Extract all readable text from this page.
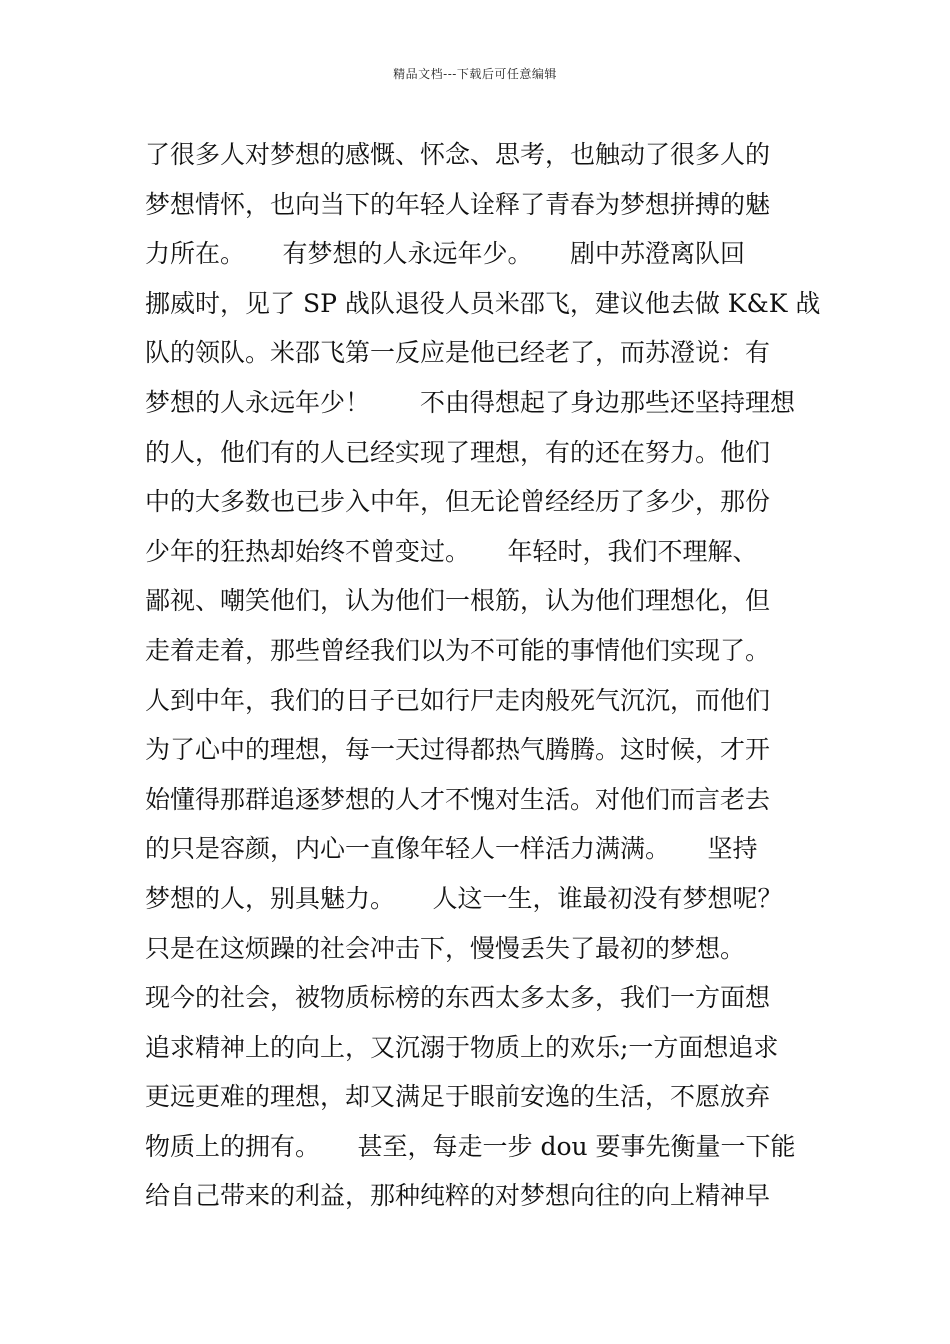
精品文档---下载后可任意编辑
了很多人对梦想的感慨、怀念、思考，也触动了很多人的
梦想情怀，也向当下的年轻人诠释了青春为梦想拼搏的魅
力所在。　　有梦想的人永远年少。　　剧中苏澄离队回
挪威时，见了 SP 战队退役人员米邵飞，建议他去做 K&K 战
队的领队。米邵飞第一反应是他已经老了，而苏澄说：有
梦想的人永远年少！　　不由得想起了身边那些还坚持理想
的人，他们有的人已经实现了理想，有的还在努力。他们
中的大多数也已步入中年，但无论曾经经历了多少，那份
少年的狂热却始终不曾变过。　　年轻时，我们不理解、
鄙视、嘲笑他们，认为他们一根筋，认为他们理想化，但
走着走着，那些曾经我们以为不可能的事情他们实现了。
人到中年，我们的日子已如行尸走肉般死气沉沉，而他们
为了心中的理想，每一天过得都热气腾腾。这时候，才开
始懂得那群追逐梦想的人才不愧对生活。对他们而言老去
的只是容颜，内心一直像年轻人一样活力满满。　　坚持
梦想的人，别具魅力。　　人这一生，谁最初没有梦想呢？
只是在这烦躁的社会冲击下，慢慢丢失了最初的梦想。
现今的社会，被物质标榜的东西太多太多，我们一方面想
追求精神上的向上，又沉溺于物质上的欢乐;一方面想追求
更远更难的理想，却又满足于眼前安逸的生活，不愿放弃
物质上的拥有。　　甚至，每走一步 dou 要事先衡量一下能
给自己带来的利益，那种纯粹的对梦想向往的向上精神早
